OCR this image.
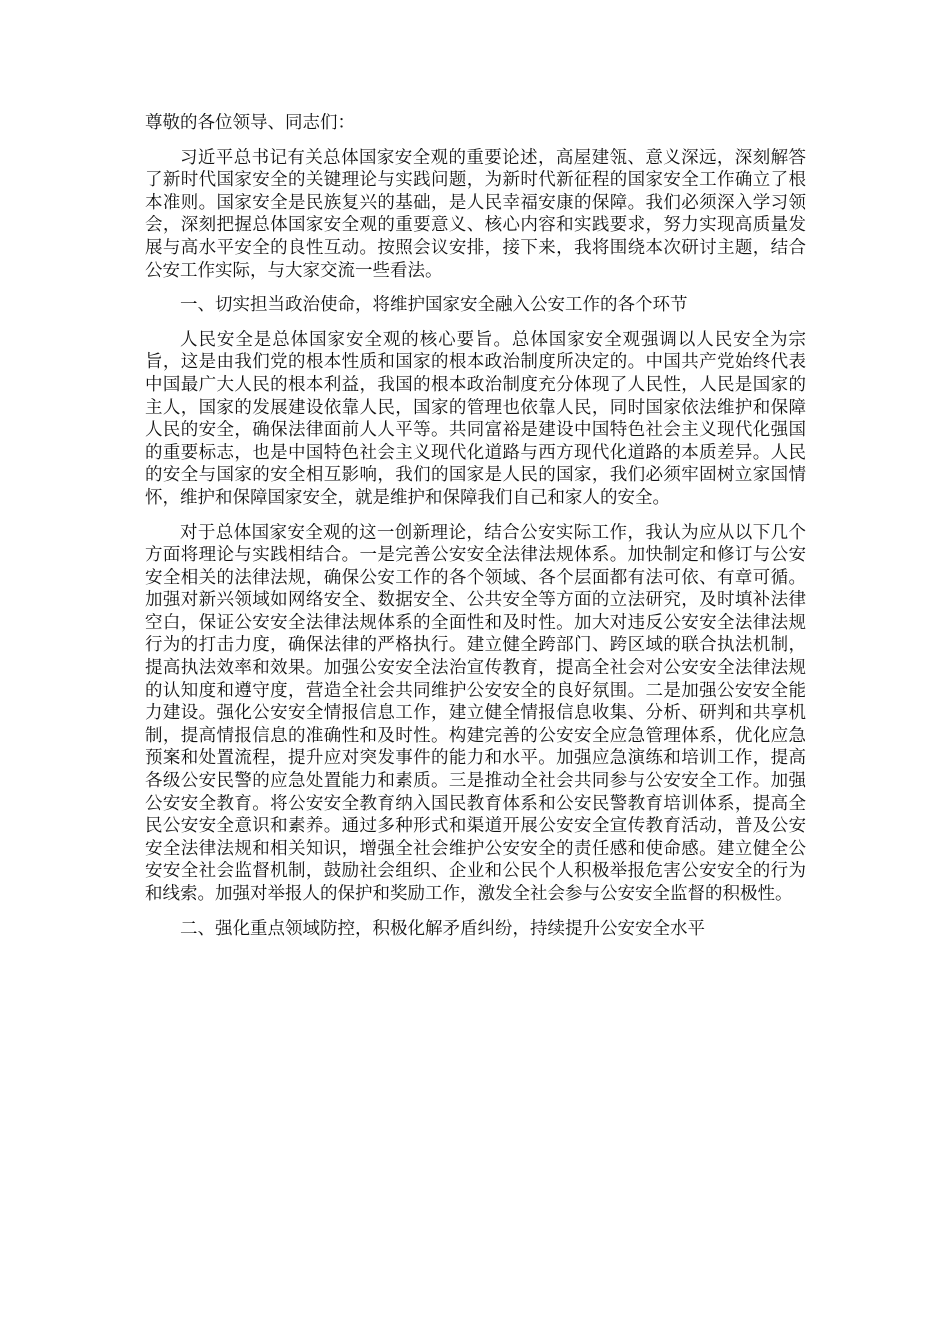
尊敬的各位领导、同志们：

习近平总书记有关总体国家安全观的重要论述，高屋建瓴、意义深远，深刻解答了新时代国家安全的关键理论与实践问题，为新时代新征程的国家安全工作确立了根本准则。国家安全是民族复兴的基础，是人民幸福安康的保障。我们必须深入学习领会，深刻把握总体国家安全观的重要意义、核心内容和实践要求，努力实现高质量发展与高水平安全的良性互动。按照会议安排，接下来，我将围绕本次研讨主题，结合公安工作实际，与大家交流一些看法。

一、切实担当政治使命，将维护国家安全融入公安工作的各个环节

人民安全是总体国家安全观的核心要旨。总体国家安全观强调以人民安全为宗旨，这是由我们党的根本性质和国家的根本政治制度所决定的。中国共产党始终代表中国最广大人民的根本利益，我国的根本政治制度充分体现了人民性，人民是国家的主人，国家的发展建设依靠人民，国家的管理也依靠人民，同时国家依法维护和保障人民的安全，确保法律面前人人平等。共同富裕是建设中国特色社会主义现代化强国的重要标志，也是中国特色社会主义现代化道路与西方现代化道路的本质差异。人民的安全与国家的安全相互影响，我们的国家是人民的国家，我们必须牢固树立家国情怀，维护和保障国家安全，就是维护和保障我们自己和家人的安全。

对于总体国家安全观的这一创新理论，结合公安实际工作，我认为应从以下几个方面将理论与实践相结合。一是完善公安安全法律法规体系。加快制定和修订与公安安全相关的法律法规，确保公安工作的各个领域、各个层面都有法可依、有章可循。加强对新兴领域如网络安全、数据安全、公共安全等方面的立法研究，及时填补法律空白，保证公安安全法律法规体系的全面性和及时性。加大对违反公安安全法律法规行为的打击力度，确保法律的严格执行。建立健全跨部门、跨区域的联合执法机制，提高执法效率和效果。加强公安安全法治宣传教育，提高全社会对公安安全法律法规的认知度和遵守度，营造全社会共同维护公安安全的良好氛围。二是加强公安安全能力建设。强化公安安全情报信息工作，建立健全情报信息收集、分析、研判和共享机制，提高情报信息的准确性和及时性。构建完善的公安安全应急管理体系，优化应急预案和处置流程，提升应对突发事件的能力和水平。加强应急演练和培训工作，提高各级公安民警的应急处置能力和素质。三是推动全社会共同参与公安安全工作。加强公安安全教育。将公安安全教育纳入国民教育体系和公安民警教育培训体系，提高全民公安安全意识和素养。通过多种形式和渠道开展公安安全宣传教育活动，普及公安安全法律法规和相关知识，增强全社会维护公安安全的责任感和使命感。建立健全公安安全社会监督机制，鼓励社会组织、企业和公民个人积极举报危害公安安全的行为和线索。加强对举报人的保护和奖励工作，激发全社会参与公安安全监督的积极性。

二、强化重点领域防控，积极化解矛盾纠纷，持续提升公安安全水平
